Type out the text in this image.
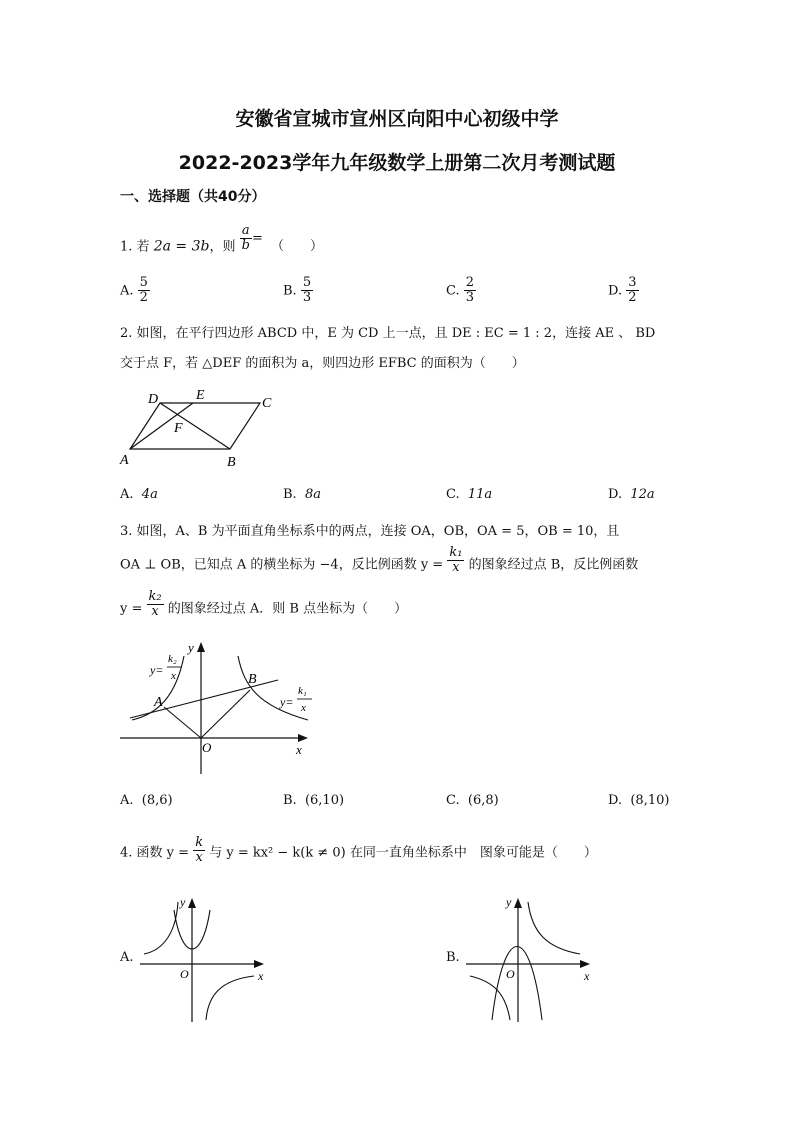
安徽省宣城市宣州区向阳中心初级中学
2022-2023学年九年级数学上册第二次月考测试题
一、选择题（共40分）
1. 若 2a = 3b，则 $\frac{a}{b}$ = （　　）
A. $\frac{5}{2}$	B. $\frac{5}{3}$	C. $\frac{2}{3}$	D. $\frac{3}{2}$
2. 如图，在平行四边形 ABCD 中，E 为 CD 上一点，且 DE : EC = 1 : 2，连接 AE 、 BD
交于点 F，若 △DEF 的面积为 a，则四边形 EFBC 的面积为（　　）
D	E
C
F
A	B
A. 4a	B. 8a	C. 11a	D. 12a
3. 如图，A、B 为平面直角坐标系中的两点，连接 OA，OB，OA = 5，OB = 10，且
OA ⊥ OB，已知点 A 的横坐标为 −4，反比例函数 $y = \frac{\text{k₁}}{x}$ 的图象经过点 B，反比例函数
$y = \frac{\text{k₂}}{x}$ 的图象经过点 A．则 B 点坐标为（　　）
y
x
O
A
B
y=
k₂
x
y=
k₁
x
A. (8,6)	B. (6,10)	C. (6,8)	D. (8,10)
4. 函数 $y = \frac{k}{x}$ 与 y = kx² − k(k ≠ 0) 在同一直角坐标系中　图象可能是（　　）
A.
y
O	x
B.
y
O	x
